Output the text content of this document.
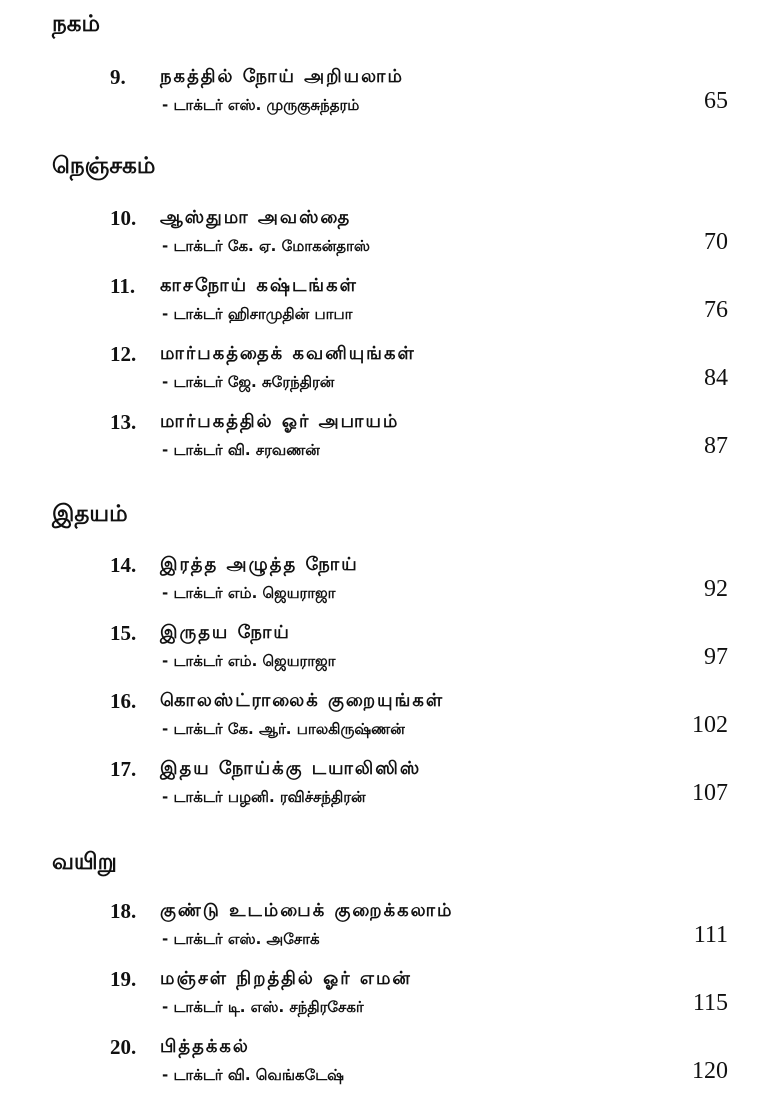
நகம்
9.	நகத்தில் நோய் அறியலாம்
- டாக்டர் எஸ். முருகுசுந்தரம்	65
நெஞ்சகம்
10.	ஆஸ்துமா அவஸ்தை
- டாக்டர் கே. ஏ. மோகன்தாஸ்	70
11.	காசநோய் கஷ்டங்கள்
- டாக்டர் ஹிசாமுதின் பாபா	76
12.	மார்பகத்தைக் கவனியுங்கள்
- டாக்டர் ஜே. சுரேந்திரன்	84
13.	மார்பகத்தில் ஓர் அபாயம்
- டாக்டர் வி. சரவணன்	87
இதயம்
14.	இரத்த அழுத்த நோய்
- டாக்டர் எம். ஜெயராஜா	92
15.	இருதய நோய்
- டாக்டர் எம். ஜெயராஜா	97
16.	கொலஸ்ட்ராலைக் குறையுங்கள்
- டாக்டர் கே. ஆர். பாலகிருஷ்ணன்	102
17.	இதய நோய்க்கு டயாலிஸிஸ்
- டாக்டர் பழனி. ரவிச்சந்திரன்	107
வயிறு
18.	குண்டு உடம்பைக் குறைக்கலாம்
- டாக்டர் எஸ். அசோக்	111
19.	மஞ்சள் நிறத்தில் ஓர் எமன்
- டாக்டர் டி. எஸ். சந்திரசேகர்	115
20.	பித்தக்கல்
- டாக்டர் வி. வெங்கடேஷ்	120
